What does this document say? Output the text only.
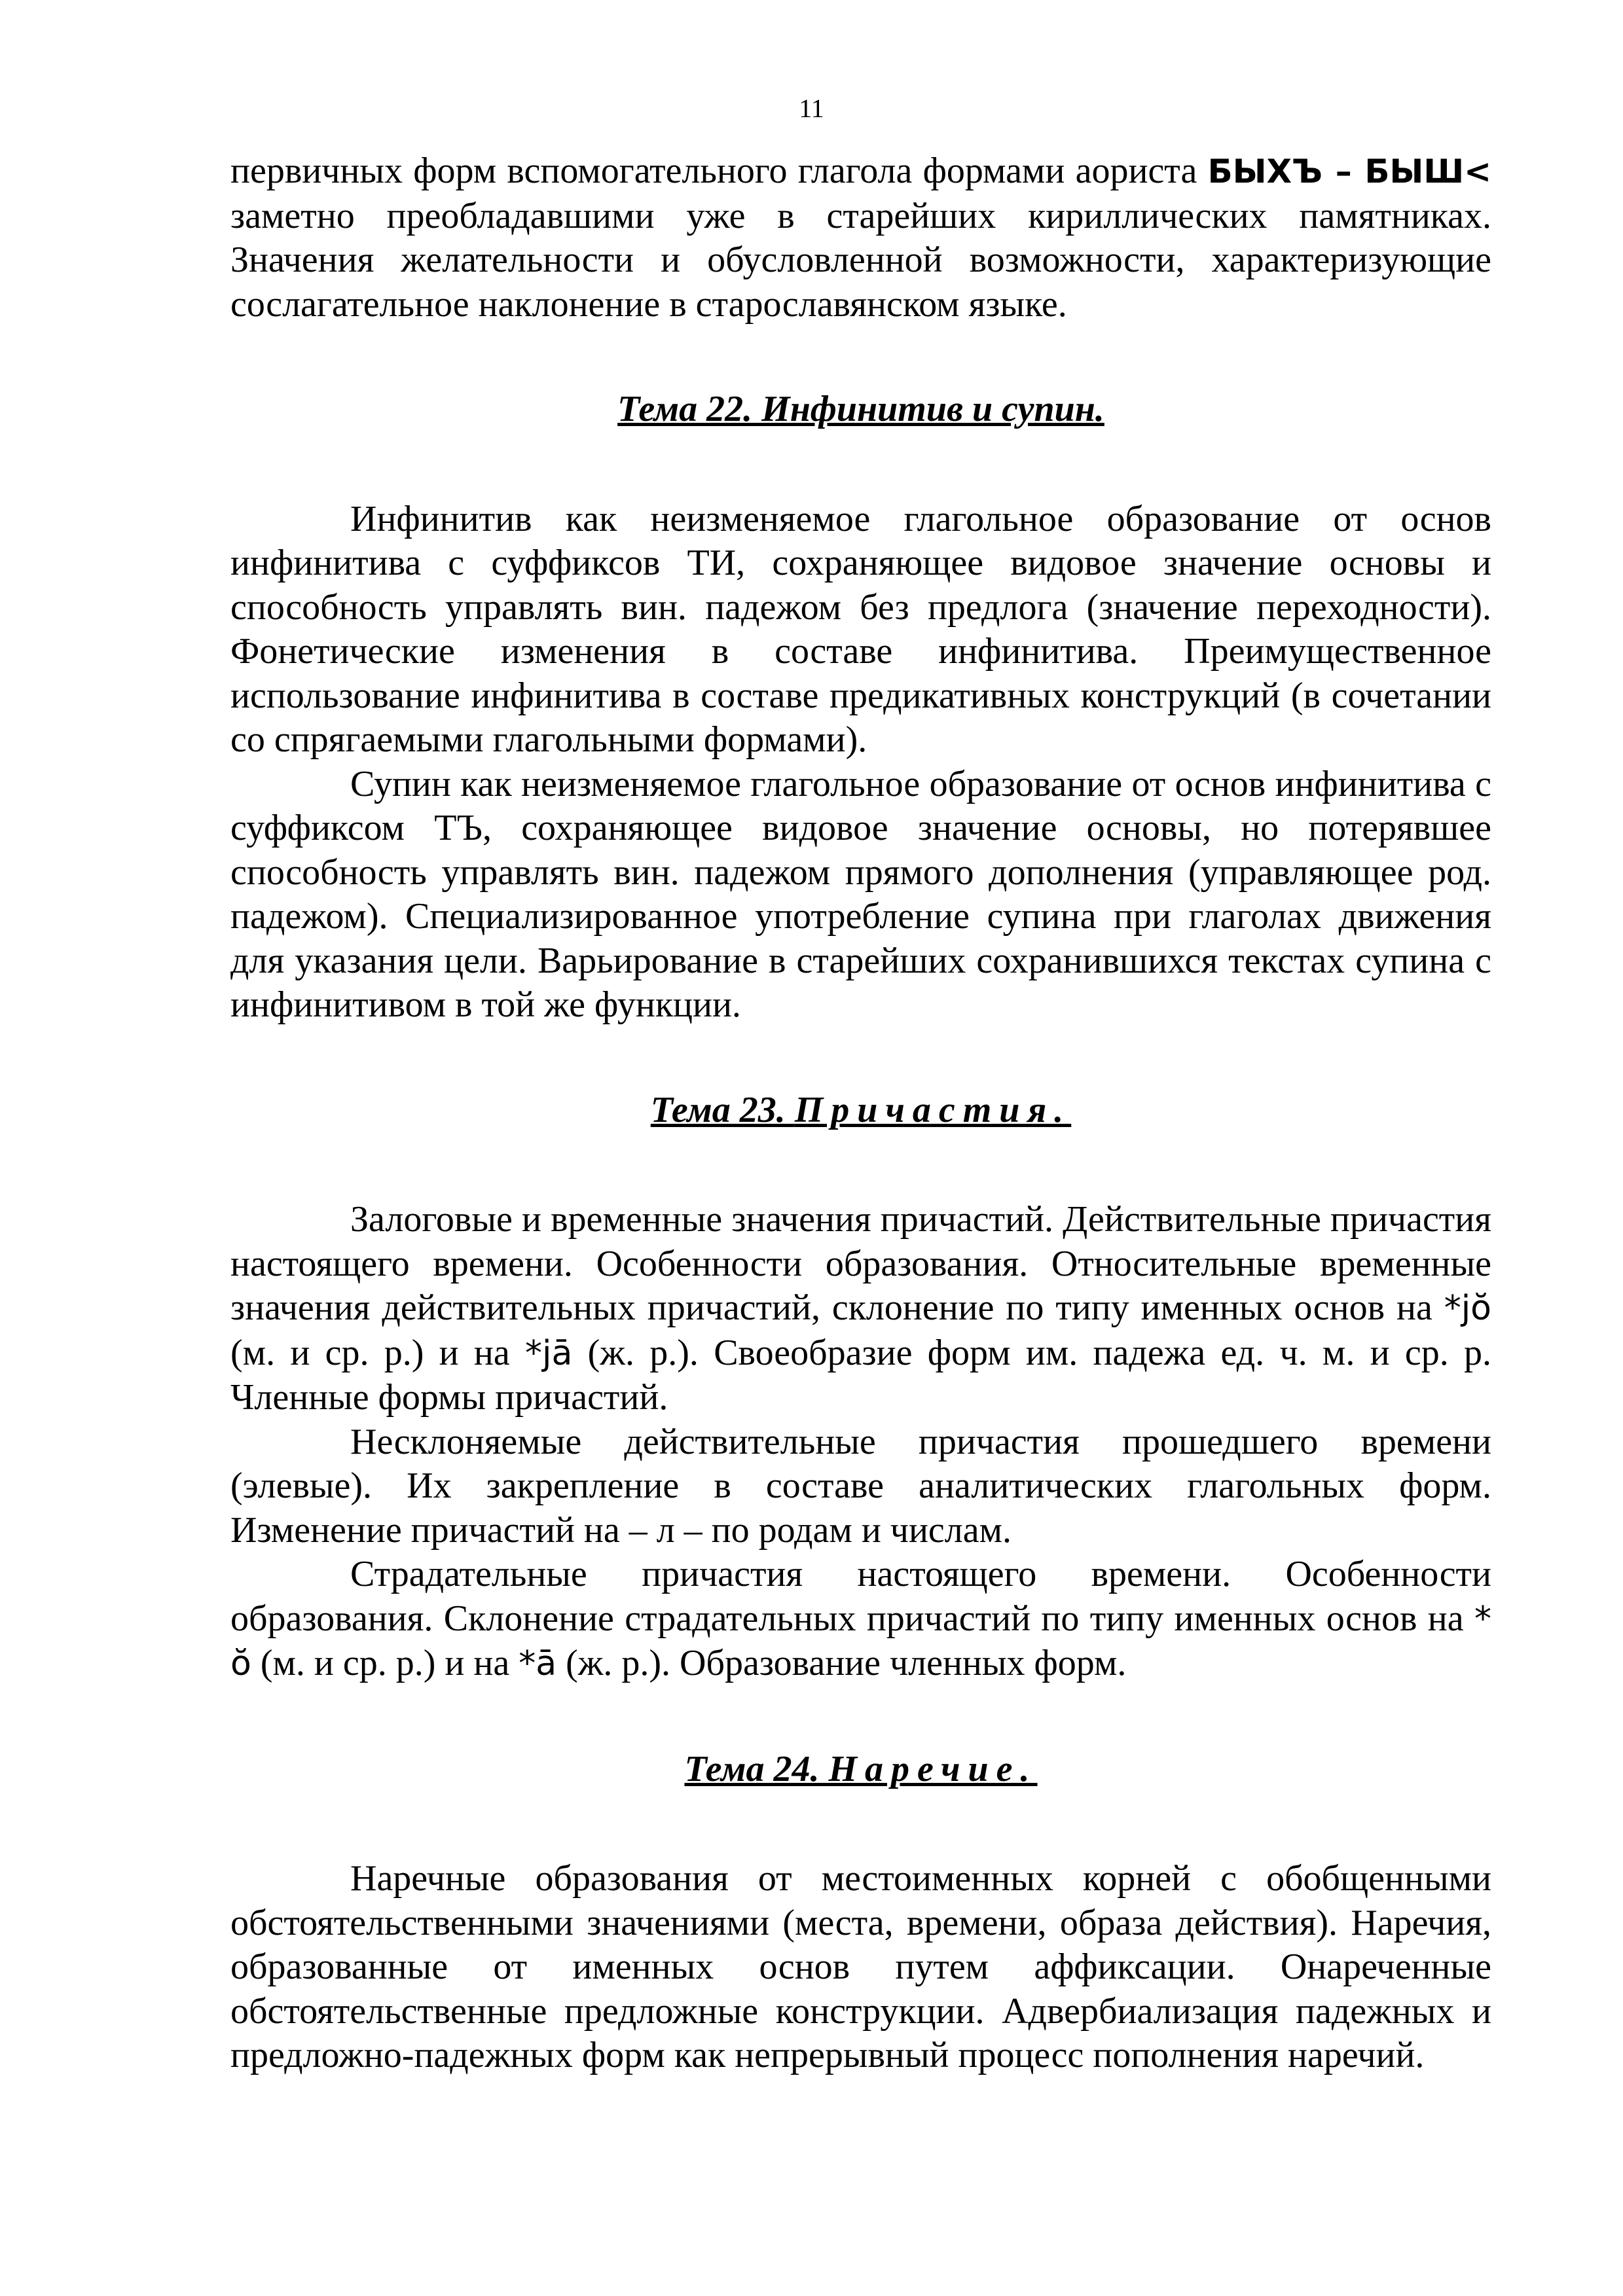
11

первичных форм вспомогательного глагола формами аориста БЫХЪ – БЫШ< заметно преобладавшими уже в старейших кириллических памятниках. Значения желательности и обусловленной возможности, характеризующие сослагательное наклонение в старославянском языке.

Тема 22. Инфинитив и супин.

Инфинитив как неизменяемое глагольное образование от основ инфинитива с суффиксов ТИ, сохраняющее видовое значение основы и способность управлять вин. падежом без предлога (значение переходности). Фонетические изменения в составе инфинитива. Преимущественное использование инфинитива в составе предикативных конструкций (в сочетании со спрягаемыми глагольными формами).

Супин как неизменяемое глагольное образование от основ инфинитива с суффиксом ТЪ, сохраняющее видовое значение основы, но потерявшее способность управлять вин. падежом прямого дополнения (управляющее род. падежом). Специализированное употребление супина при глаголах движения для указания цели. Варьирование в старейших сохранившихся текстах супина с инфинитивом в той же функции.

Тема 23. Причастия.

Залоговые и временные значения причастий. Действительные причастия настоящего времени. Особенности образования. Относительные временные значения действительных причастий, склонение по типу именных основ на *jŏ (м. и ср. р.) и на *jā (ж. р.). Своеобразие форм им. падежа ед. ч. м. и ср. р. Членные формы причастий.

Несклоняемые действительные причастия прошедшего времени (элевые). Их закрепление в составе аналитических глагольных форм. Изменение причастий на – л – по родам и числам.

Страдательные причастия настоящего времени. Особенности образования. Склонение страдательных причастий по типу именных основ на * ŏ (м. и ср. р.) и на *ā (ж. р.). Образование членных форм.

Тема 24. Наречие.

Наречные образования от местоименных корней с обобщенными обстоятельственными значениями (места, времени, образа действия). Наречия, образованные от именных основ путем аффиксации. Онареченные обстоятельственные предложные конструкции. Адвербиализация падежных и предложно-падежных форм как непрерывный процесс пополнения наречий.
